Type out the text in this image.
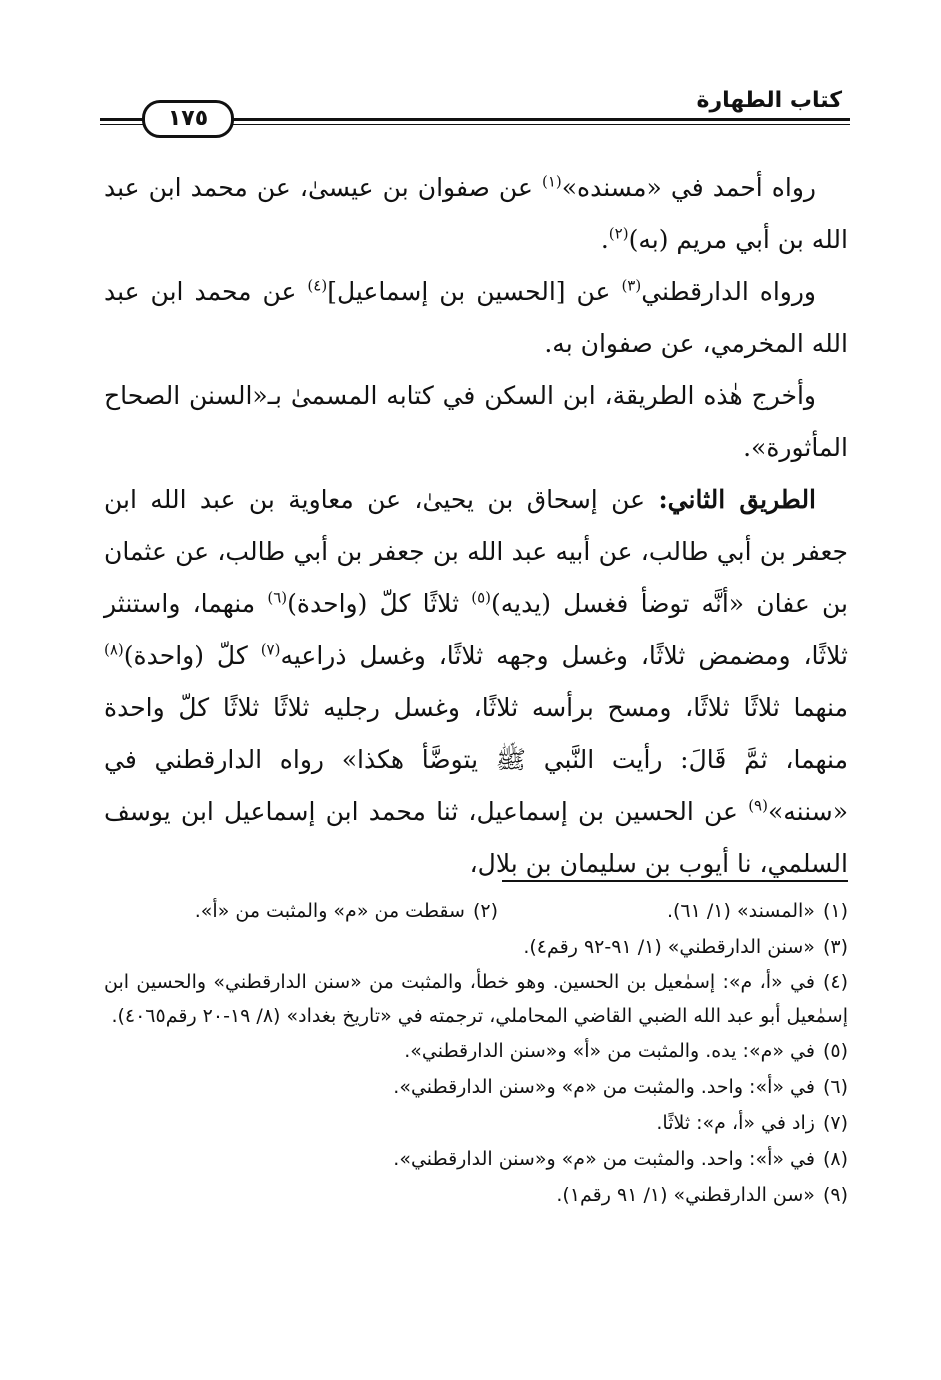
كتاب الطهارة
١٧٥

رواه أحمد في «مسنده»$^{(١)}$ عن صفوان بن عيسىٰ، عن محمد ابن عبد الله بن أبي مريم (به)$^{(٢)}$.

ورواه الدارقطني$^{(٣)}$ عن [الحسين بن إسماعيل]$^{(٤)}$ عن محمد ابن عبد الله المخرمي، عن صفوان به.

وأخرج هٰذه الطريقة، ابن السكن في كتابه المسمىٰ بـ«السنن الصحاح المأثورة».

الطريق الثاني: عن إسحاق بن يحيىٰ، عن معاوية بن عبد الله ابن جعفر بن أبي طالب، عن أبيه عبد الله بن جعفر بن أبي طالب، عن عثمان بن عفان «أنَّه توضأ فغسل (يديه)$^{(٥)}$ ثلاثًا كلّ (واحدة)$^{(٦)}$ منهما، واستنثر ثلاثًا، ومضمض ثلاثًا، وغسل وجهه ثلاثًا، وغسل ذراعيه$^{(٧)}$ كلّ (واحدة)$^{(٨)}$ منهما ثلاثًا ثلاثًا، ومسح برأسه ثلاثًا، وغسل رجليه ثلاثًا ثلاثًا كلّ واحدة منهما، ثمَّ قَالَ: رأيت النَّبي ﷺ يتوضَّأ هكذا» رواه الدارقطني في «سننه»$^{(٩)}$ عن الحسين بن إسماعيل، ثنا محمد ابن إسماعيل ابن يوسف السلمي، نا أيوب بن سليمان بن بلال،

(١)«المسند» (١/ ٦١).

(٢)سقطت من «م» والمثبت من «أ».

(٣)«سنن الدارقطني» (١/ ٩١-٩٢ رقم٤).

(٤)في «أ، م»: إسمٰعيل بن الحسين. وهو خطأ، والمثبت من «سنن الدارقطني» والحسين ابن إسمٰعيل أبو عبد الله الضبي القاضي المحاملي، ترجمته في «تاريخ بغداد» (٨/ ١٩-٢٠ رقم٤٠٦٥).

(٥)في «م»: يده. والمثبت من «أ» و«سنن الدارقطني».

(٦)في «أ»: واحد. والمثبت من «م» و«سنن الدارقطني».

(٧)زاد في «أ، م»: ثلاثًا.

(٨)في «أ»: واحد. والمثبت من «م» و«سنن الدارقطني».

(٩)«سن الدارقطني» (١/ ٩١ رقم١).
